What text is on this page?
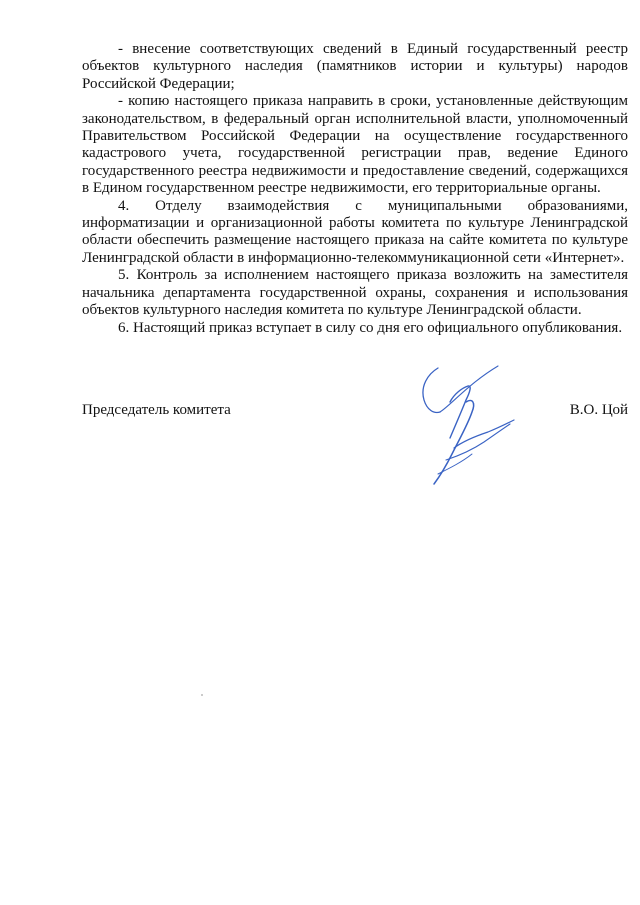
- внесение соответствующих сведений в Единый государственный реестр объектов культурного наследия (памятников истории и культуры) народов Российской Федерации;

- копию настоящего приказа направить в сроки, установленные действующим законодательством, в федеральный орган исполнительной власти, уполномоченный Правительством Российской Федерации на осуществление государственного кадастрового учета, государственной регистрации прав, ведение Единого государственного реестра недвижимости и предоставление сведений, содержащихся в Едином государственном реестре недвижимости, его территориальные органы.

4. Отделу взаимодействия с муниципальными образованиями, информатизации и организационной работы комитета по культуре Ленинградской области обеспечить размещение настоящего приказа на сайте комитета по культуре Ленинградской области в информационно-телекоммуникационной сети «Интернет».

5. Контроль за исполнением настоящего приказа возложить на заместителя начальника департамента государственной охраны, сохранения и использования объектов культурного наследия комитета по культуре Ленинградской области.

6. Настоящий приказ вступает в силу со дня его официального опубликования.

Председатель комитета	В.О. Цой
